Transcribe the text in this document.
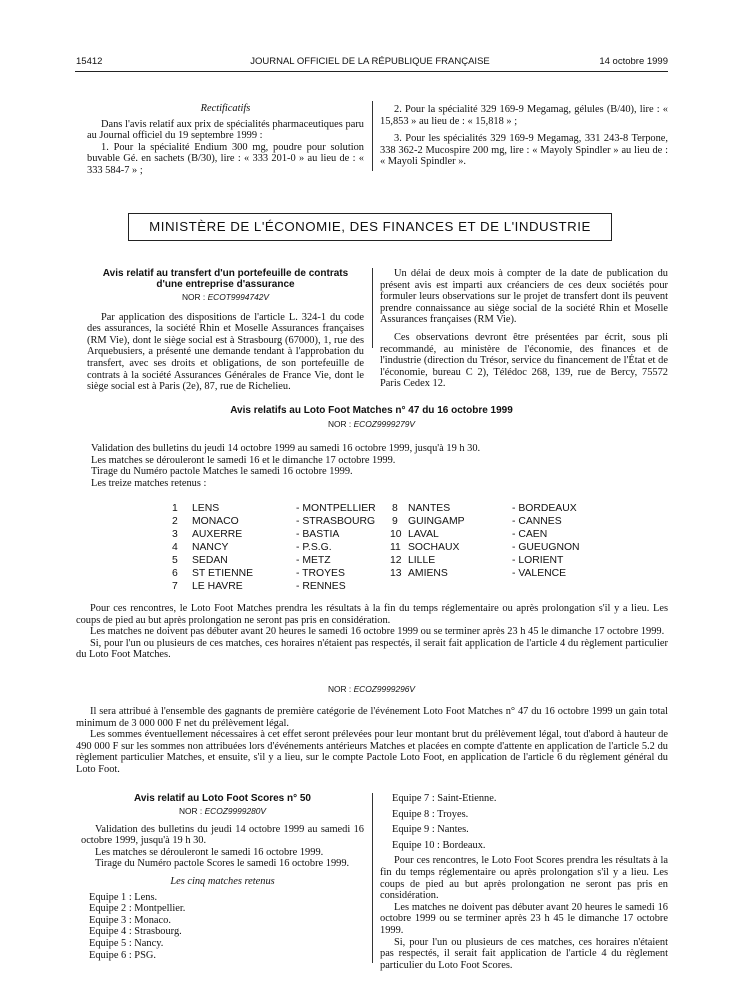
15412	JOURNAL OFFICIEL DE LA RÉPUBLIQUE FRANÇAISE	14 octobre 1999
Rectificatifs

Dans l'avis relatif aux prix de spécialités pharmaceutiques paru au Journal officiel du 19 septembre 1999 :

1. Pour la spécialité Endium 300 mg, poudre pour solution buvable Gé. en sachets (B/30), lire : « 333 201-0 » au lieu de : « 333 584-7 » ;

2. Pour la spécialité 329 169-9 Megamag, gélules (B/40), lire : « 15,853 » au lieu de : « 15,818 » ;

3. Pour les spécialités 329 169-9 Megamag, 331 243-8 Terpone, 338 362-2 Mucospire 200 mg, lire : « Mayoly Spindler » au lieu de : « Mayoli Spindler ».

MINISTÈRE DE L'ÉCONOMIE, DES FINANCES ET DE L'INDUSTRIE
Avis relatif au transfert d'un portefeuille de contrats
d'une entreprise d'assurance
NOR : ECOT9994742V

Par application des dispositions de l'article L. 324-1 du code des assurances, la société Rhin et Moselle Assurances françaises (RM Vie), dont le siège social est à Strasbourg (67000), 1, rue des Arquebusiers, a présenté une demande tendant à l'approbation du transfert, avec ses droits et obligations, de son portefeuille de contrats à la société Assurances Générales de France Vie, dont le siège social est à Paris (2e), 87, rue de Richelieu.

Un délai de deux mois à compter de la date de publication du présent avis est imparti aux créanciers de ces deux sociétés pour formuler leurs observations sur le projet de transfert dont ils peuvent prendre connaissance au siège social de la société Rhin et Moselle Assurances françaises (RM Vie).

Ces observations devront être présentées par écrit, sous pli recommandé, au ministère de l'économie, des finances et de l'industrie (direction du Trésor, service du financement de l'État et de l'économie, bureau C 2), Télédoc 268, 139, rue de Bercy, 75572 Paris Cedex 12.

Avis relatifs au Loto Foot Matches n° 47 du 16 octobre 1999
NOR : ECOZ9999279V
Validation des bulletins du jeudi 14 octobre 1999 au samedi 16 octobre 1999, jusqu'à 19 h 30.
Les matches se dérouleront le samedi 16 et le dimanche 17 octobre 1999.
Tirage du Numéro pactole Matches le samedi 16 octobre 1999.
Les treize matches retenus :
1 LENS	- MONTPELLIER
2 MONACO	- STRASBOURG
3 AUXERRE	- BASTIA
4 NANCY	- P.S.G.
5 SEDAN	- METZ
6 ST ETIENNE	- TROYES
7 LE HAVRE	- RENNES
8 NANTES	- BORDEAUX
9 GUINGAMP	- CANNES
10 LAVAL	- CAEN
11 SOCHAUX	- GUEUGNON
12 LILLE	- LORIENT
13 AMIENS	- VALENCE

Pour ces rencontres, le Loto Foot Matches prendra les résultats à la fin du temps réglementaire ou après prolongation s'il y a lieu. Les coups de pied au but après prolongation ne seront pas pris en considération.

Les matches ne doivent pas débuter avant 20 heures le samedi 16 octobre 1999 ou se terminer après 23 h 45 le dimanche 17 octobre 1999.

Si, pour l'un ou plusieurs de ces matches, ces horaires n'étaient pas respectés, il serait fait application de l'article 4 du règlement particulier du Loto Foot Matches.

NOR : ECOZ9999296V

Il sera attribué à l'ensemble des gagnants de première catégorie de l'événement Loto Foot Matches n° 47 du 16 octobre 1999 un gain total minimum de 3 000 000 F net du prélèvement légal.

Les sommes éventuellement nécessaires à cet effet seront prélevées pour leur montant brut du prélèvement légal, tout d'abord à hauteur de 490 000 F sur les sommes non attribuées lors d'événements antérieurs Matches et placées en compte d'attente en application de l'article 5.2 du règlement particulier Matches, et ensuite, s'il y a lieu, sur le compte Pactole Loto Foot, en application de l'article 6 du règlement général du Loto Foot.

Avis relatif au Loto Foot Scores n° 50
NOR : ECOZ9999280V

Validation des bulletins du jeudi 14 octobre 1999 au samedi 16 octobre 1999, jusqu'à 19 h 30.

Les matches se dérouleront le samedi 16 octobre 1999.

Tirage du Numéro pactole Scores le samedi 16 octobre 1999.

Les cinq matches retenus
Equipe 1 : Lens.
Equipe 2 : Montpellier.
Equipe 3 : Monaco.
Equipe 4 : Strasbourg.
Equipe 5 : Nancy.
Equipe 6 : PSG.
Equipe 7 : Saint-Etienne.
Equipe 8 : Troyes.
Equipe 9 : Nantes.
Equipe 10 : Bordeaux.

Pour ces rencontres, le Loto Foot Scores prendra les résultats à la fin du temps réglementaire ou après prolongation s'il y a lieu. Les coups de pied au but après prolongation ne seront pas pris en considération.

Les matches ne doivent pas débuter avant 20 heures le samedi 16 octobre 1999 ou se terminer après 23 h 45 le dimanche 17 octobre 1999.

Si, pour l'un ou plusieurs de ces matches, ces horaires n'étaient pas respectés, il serait fait application de l'article 4 du règlement particulier du Loto Foot Scores.
